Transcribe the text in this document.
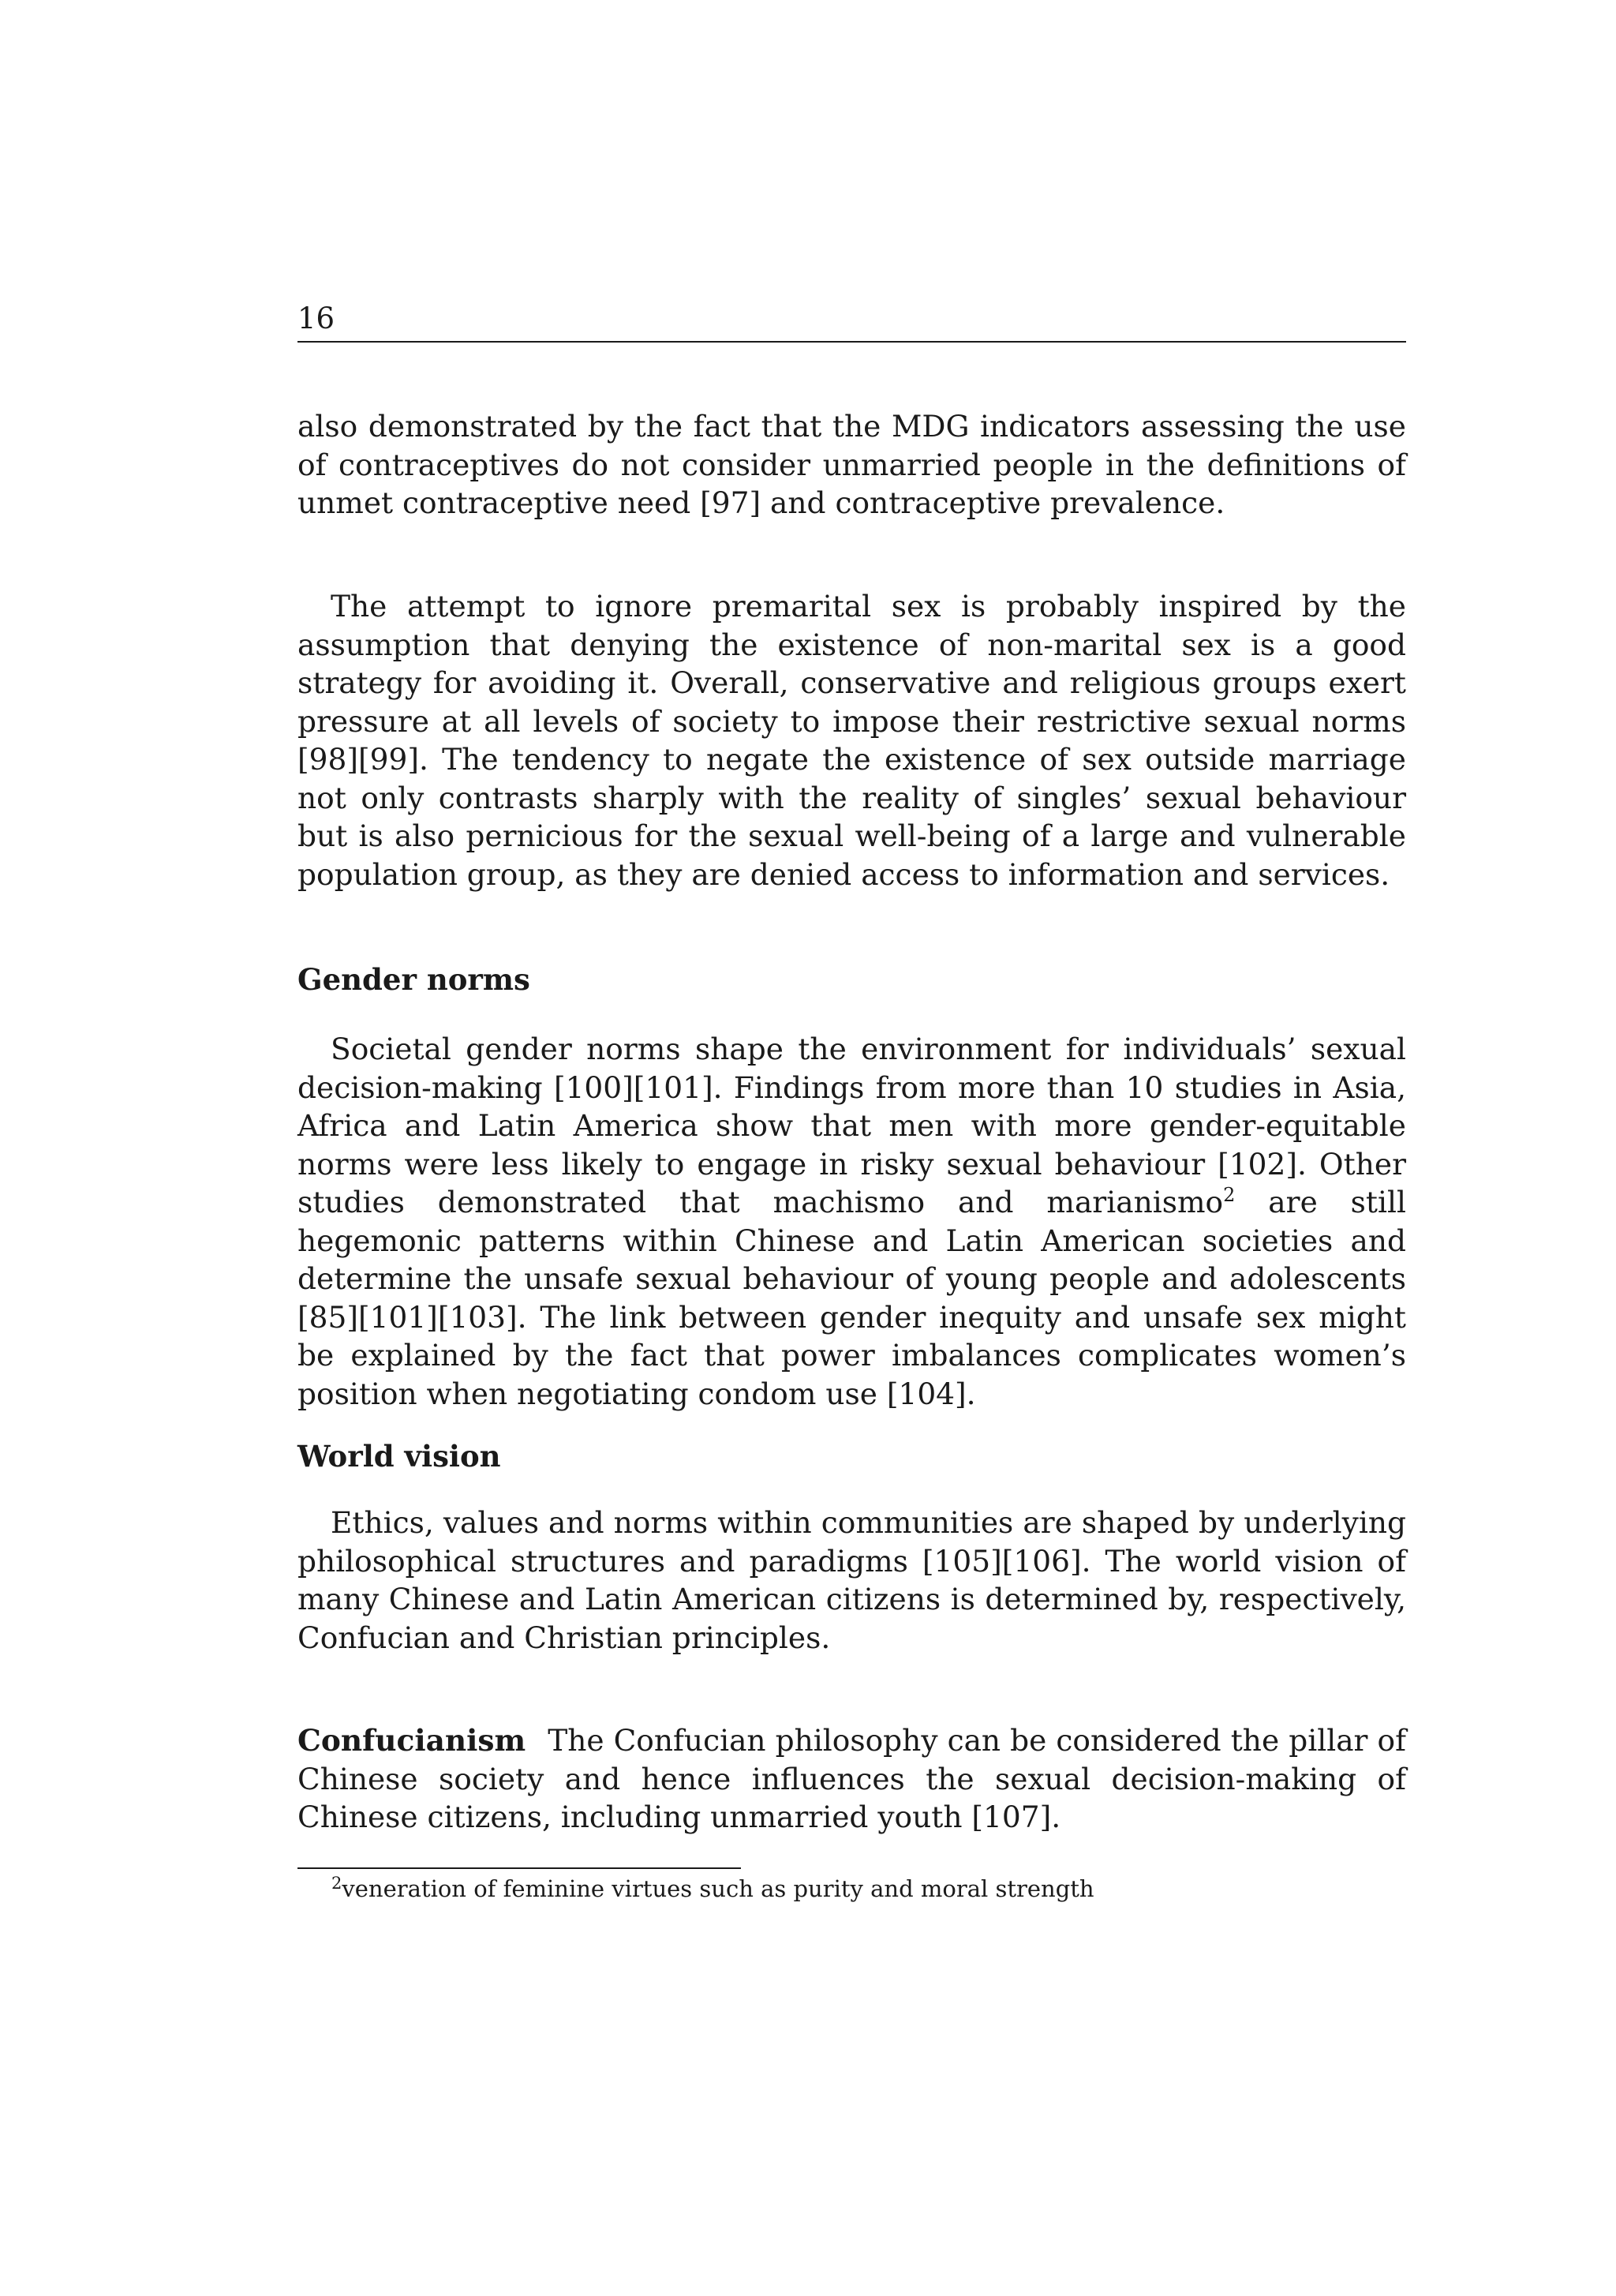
16

also demonstrated by the fact that the MDG indicators assessing the use of contraceptives do not consider unmarried people in the definitions of unmet contraceptive need [97] and contraceptive prevalence.

The attempt to ignore premarital sex is probably inspired by the assumption that denying the existence of non-marital sex is a good strategy for avoiding it. Overall, conservative and religious groups exert pressure at all levels of society to impose their restrictive sexual norms [98][99]. The tendency to negate the existence of sex outside marriage not only contrasts sharply with the reality of singles’ sexual behaviour but is also pernicious for the sexual well-being of a large and vulnerable population group, as they are denied access to information and services.

Gender norms

Societal gender norms shape the environment for individuals’ sexual decision-making [100][101]. Findings from more than 10 studies in Asia, Africa and Latin America show that men with more gender-equitable norms were less likely to engage in risky sexual behaviour [102]. Other studies demonstrated that machismo and marianismo$^2$ are still hegemonic patterns within Chinese and Latin American societies and determine the unsafe sexual behaviour of young people and adolescents [85][101][103]. The link between gender inequity and unsafe sex might be explained by the fact that power imbalances complicates women’s position when negotiating condom use [104].

World vision

Ethics, values and norms within communities are shaped by underlying philosophical structures and paradigms [105][106]. The world vision of many Chinese and Latin American citizens is determined by, respectively, Confucian and Christian principles.

Confucianism The Confucian philosophy can be considered the pillar of Chinese society and hence influences the sexual decision-making of Chinese citizens, including unmarried youth [107].

$^2$veneration of feminine virtues such as purity and moral strength
